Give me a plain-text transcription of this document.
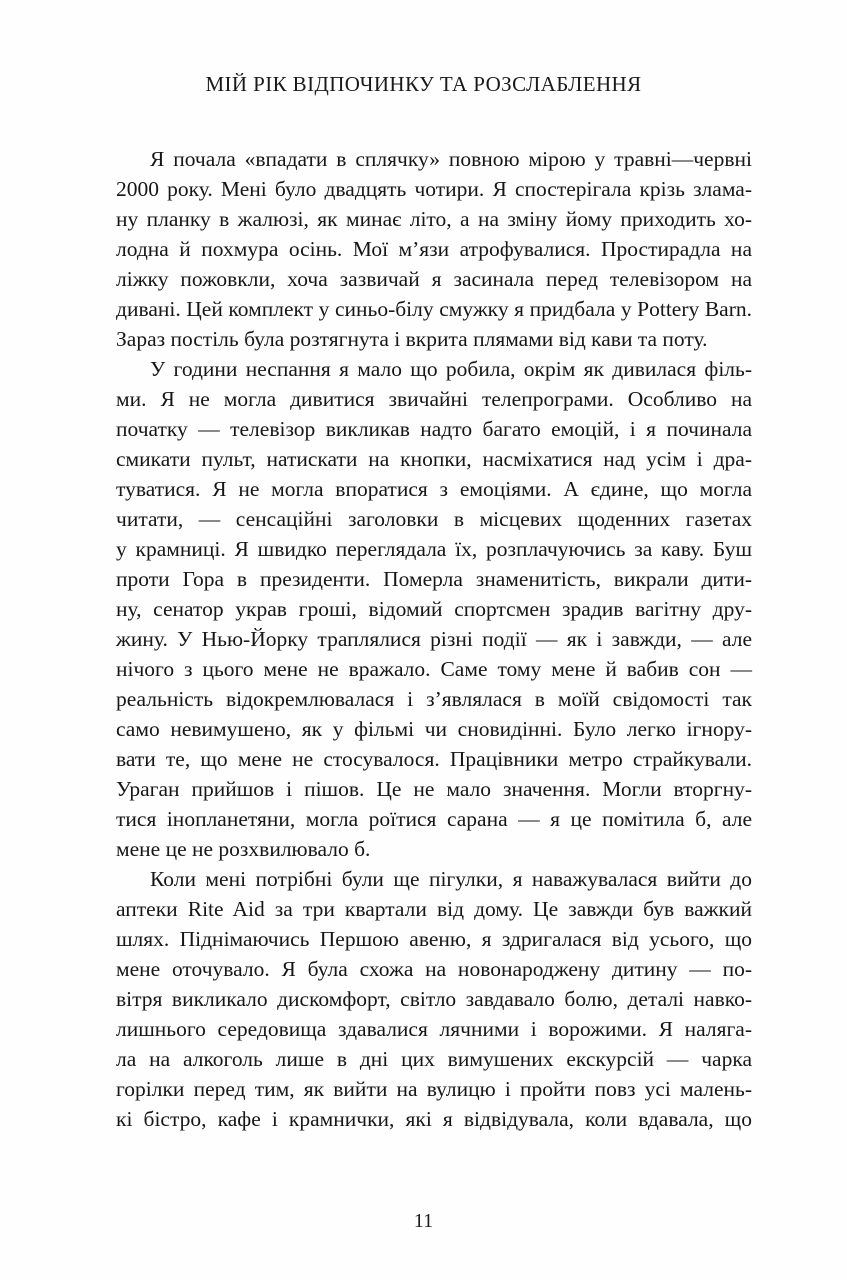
МІЙ РІК ВІДПОЧИНКУ ТА РОЗСЛАБЛЕННЯ
Я почала «впадати в сплячку» повною мірою у травні—червні
2000 року. Мені було двадцять чотири. Я спостерігала крізь злама-
ну планку в жалюзі, як минає літо, а на зміну йому приходить хо-
лодна й похмура осінь. Мої м’язи атрофувалися. Простирадла на
ліжку пожовкли, хоча зазвичай я засинала перед телевізором на
дивані. Цей комплект у синьо-білу смужку я придбала у Pottery Barn.
Зараз постіль була розтягнута і вкрита плямами від кави та поту.
У години неспання я мало що робила, окрім як дивилася філь-
ми. Я не могла дивитися звичайні телепрограми. Особливо на
початку — телевізор викликав надто багато емоцій, і я починала
смикати пульт, натискати на кнопки, насміхатися над усім і дра-
туватися. Я не могла впоратися з емоціями. А єдине, що могла
читати, — сенсаційні заголовки в місцевих щоденних газетах
у крамниці. Я швидко переглядала їх, розплачуючись за каву. Буш
проти Гора в президенти. Померла знаменитість, викрали дити-
ну, сенатор украв гроші, відомий спортсмен зрадив вагітну дру-
жину. У Нью-Йорку траплялися різні події — як і завжди, — але
нічого з цього мене не вражало. Саме тому мене й вабив сон —
реальність відокремлювалася і з’являлася в моїй свідомості так
само невимушено, як у фільмі чи сновидінні. Було легко ігнору-
вати те, що мене не стосувалося. Працівники метро страйкували.
Ураган прийшов і пішов. Це не мало значення. Могли вторгну-
тися інопланетяни, могла роїтися сарана — я це помітила б, але
мене це не розхвилювало б.
Коли мені потрібні були ще пігулки, я наважувалася вийти до
аптеки Rite Aid за три квартали від дому. Це завжди був важкий
шлях. Піднімаючись Першою авеню, я здригалася від усього, що
мене оточувало. Я була схожа на новонароджену дитину — по-
вітря викликало дискомфорт, світло завдавало болю, деталі навко-
лишнього середовища здавалися лячними і ворожими. Я наляга-
ла на алкоголь лише в дні цих вимушених екскурсій — чарка
горілки перед тим, як вийти на вулицю і пройти повз усі малень-
кі бістро, кафе і крамнички, які я відвідувала, коли вдавала, що
11
